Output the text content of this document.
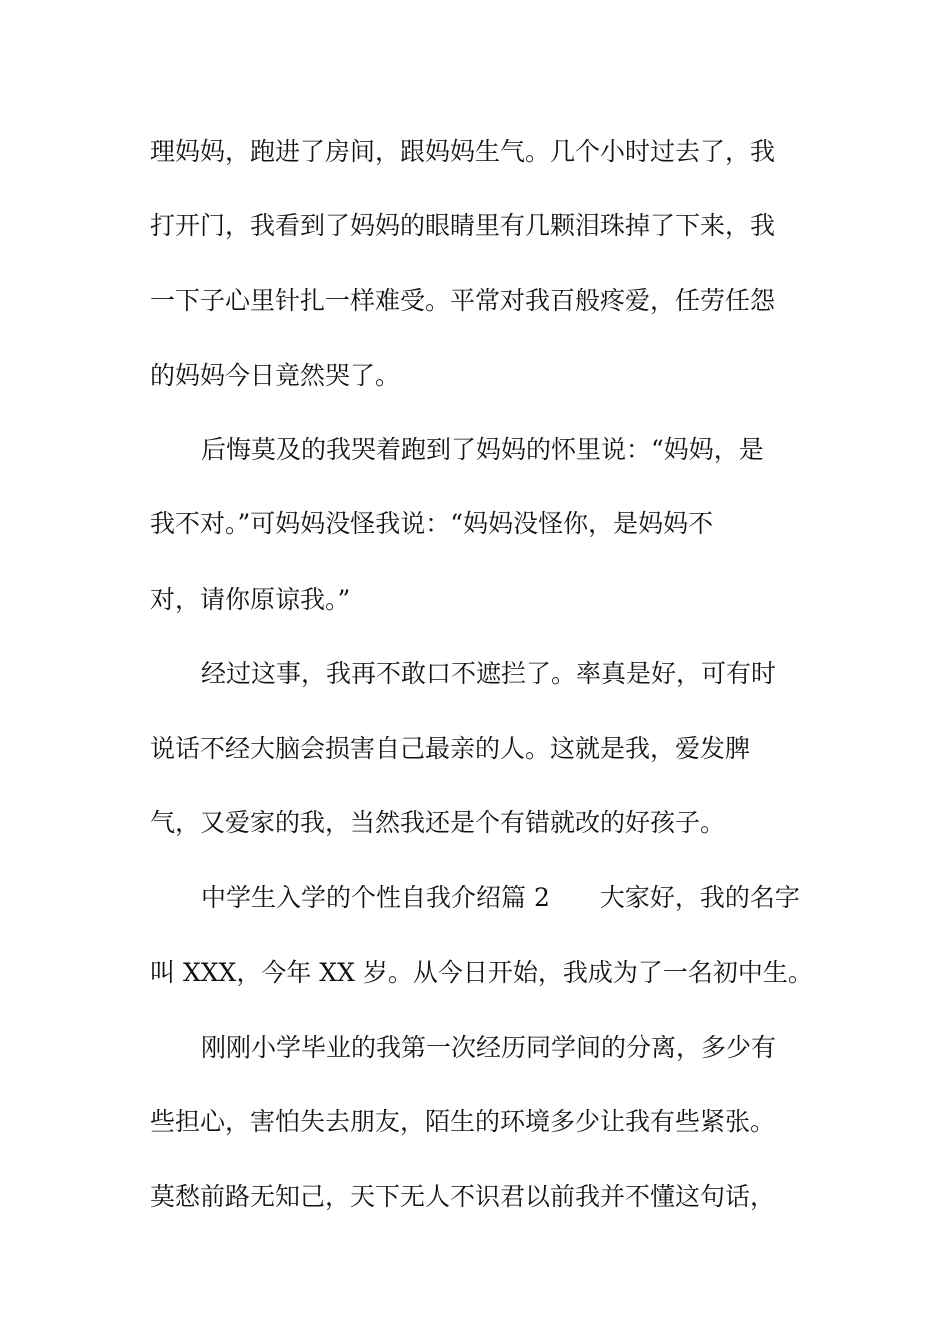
理妈妈，跑进了房间，跟妈妈生气。几个小时过去了，我

打开门，我看到了妈妈的眼睛里有几颗泪珠掉了下来，我

一下子心里针扎一样难受。平常对我百般疼爱，任劳任怨

的妈妈今日竟然哭了。

后悔莫及的我哭着跑到了妈妈的怀里说：“妈妈，是

我不对。”可妈妈没怪我说：“妈妈没怪你，是妈妈不

对，请你原谅我。”

经过这事，我再不敢口不遮拦了。率真是好，可有时

说话不经大脑会损害自己最亲的人。这就是我，爱发脾

气，又爱家的我，当然我还是个有错就改的好孩子。

中学生入学的个性自我介绍篇 2　　大家好，我的名字

叫 XXX，今年 XX 岁。从今日开始，我成为了一名初中生。

刚刚小学毕业的我第一次经历同学间的分离，多少有

些担心，害怕失去朋友，陌生的环境多少让我有些紧张。

莫愁前路无知己，天下无人不识君以前我并不懂这句话，
